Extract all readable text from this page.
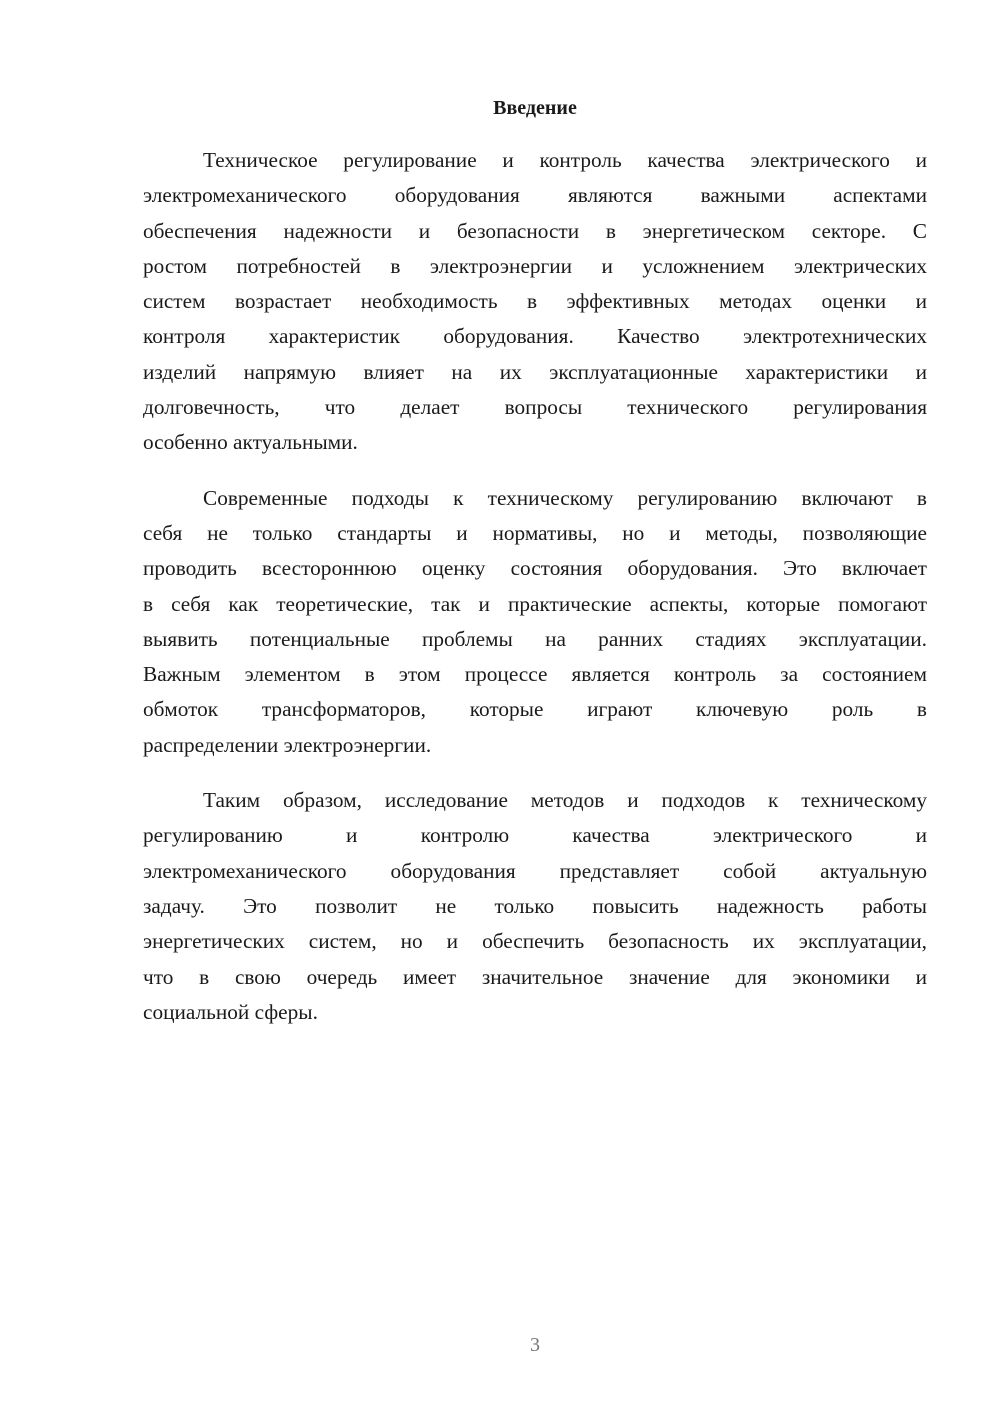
Введение
Техническое регулирование и контроль качества электрического и
электромеханического оборудования являются важными аспектами
обеспечения надежности и безопасности в энергетическом секторе. С
ростом потребностей в электроэнергии и усложнением электрических
систем возрастает необходимость в эффективных методах оценки и
контроля характеристик оборудования. Качество электротехнических
изделий напрямую влияет на их эксплуатационные характеристики и
долговечность, что делает вопросы технического регулирования
особенно актуальными.
Современные подходы к техническому регулированию включают в
себя не только стандарты и нормативы, но и методы, позволяющие
проводить всестороннюю оценку состояния оборудования. Это включает
в себя как теоретические, так и практические аспекты, которые помогают
выявить потенциальные проблемы на ранних стадиях эксплуатации.
Важным элементом в этом процессе является контроль за состоянием
обмоток трансформаторов, которые играют ключевую роль в
распределении электроэнергии.
Таким образом, исследование методов и подходов к техническому
регулированию и контролю качества электрического и
электромеханического оборудования представляет собой актуальную
задачу. Это позволит не только повысить надежность работы
энергетических систем, но и обеспечить безопасность их эксплуатации,
что в свою очередь имеет значительное значение для экономики и
социальной сферы.
3
